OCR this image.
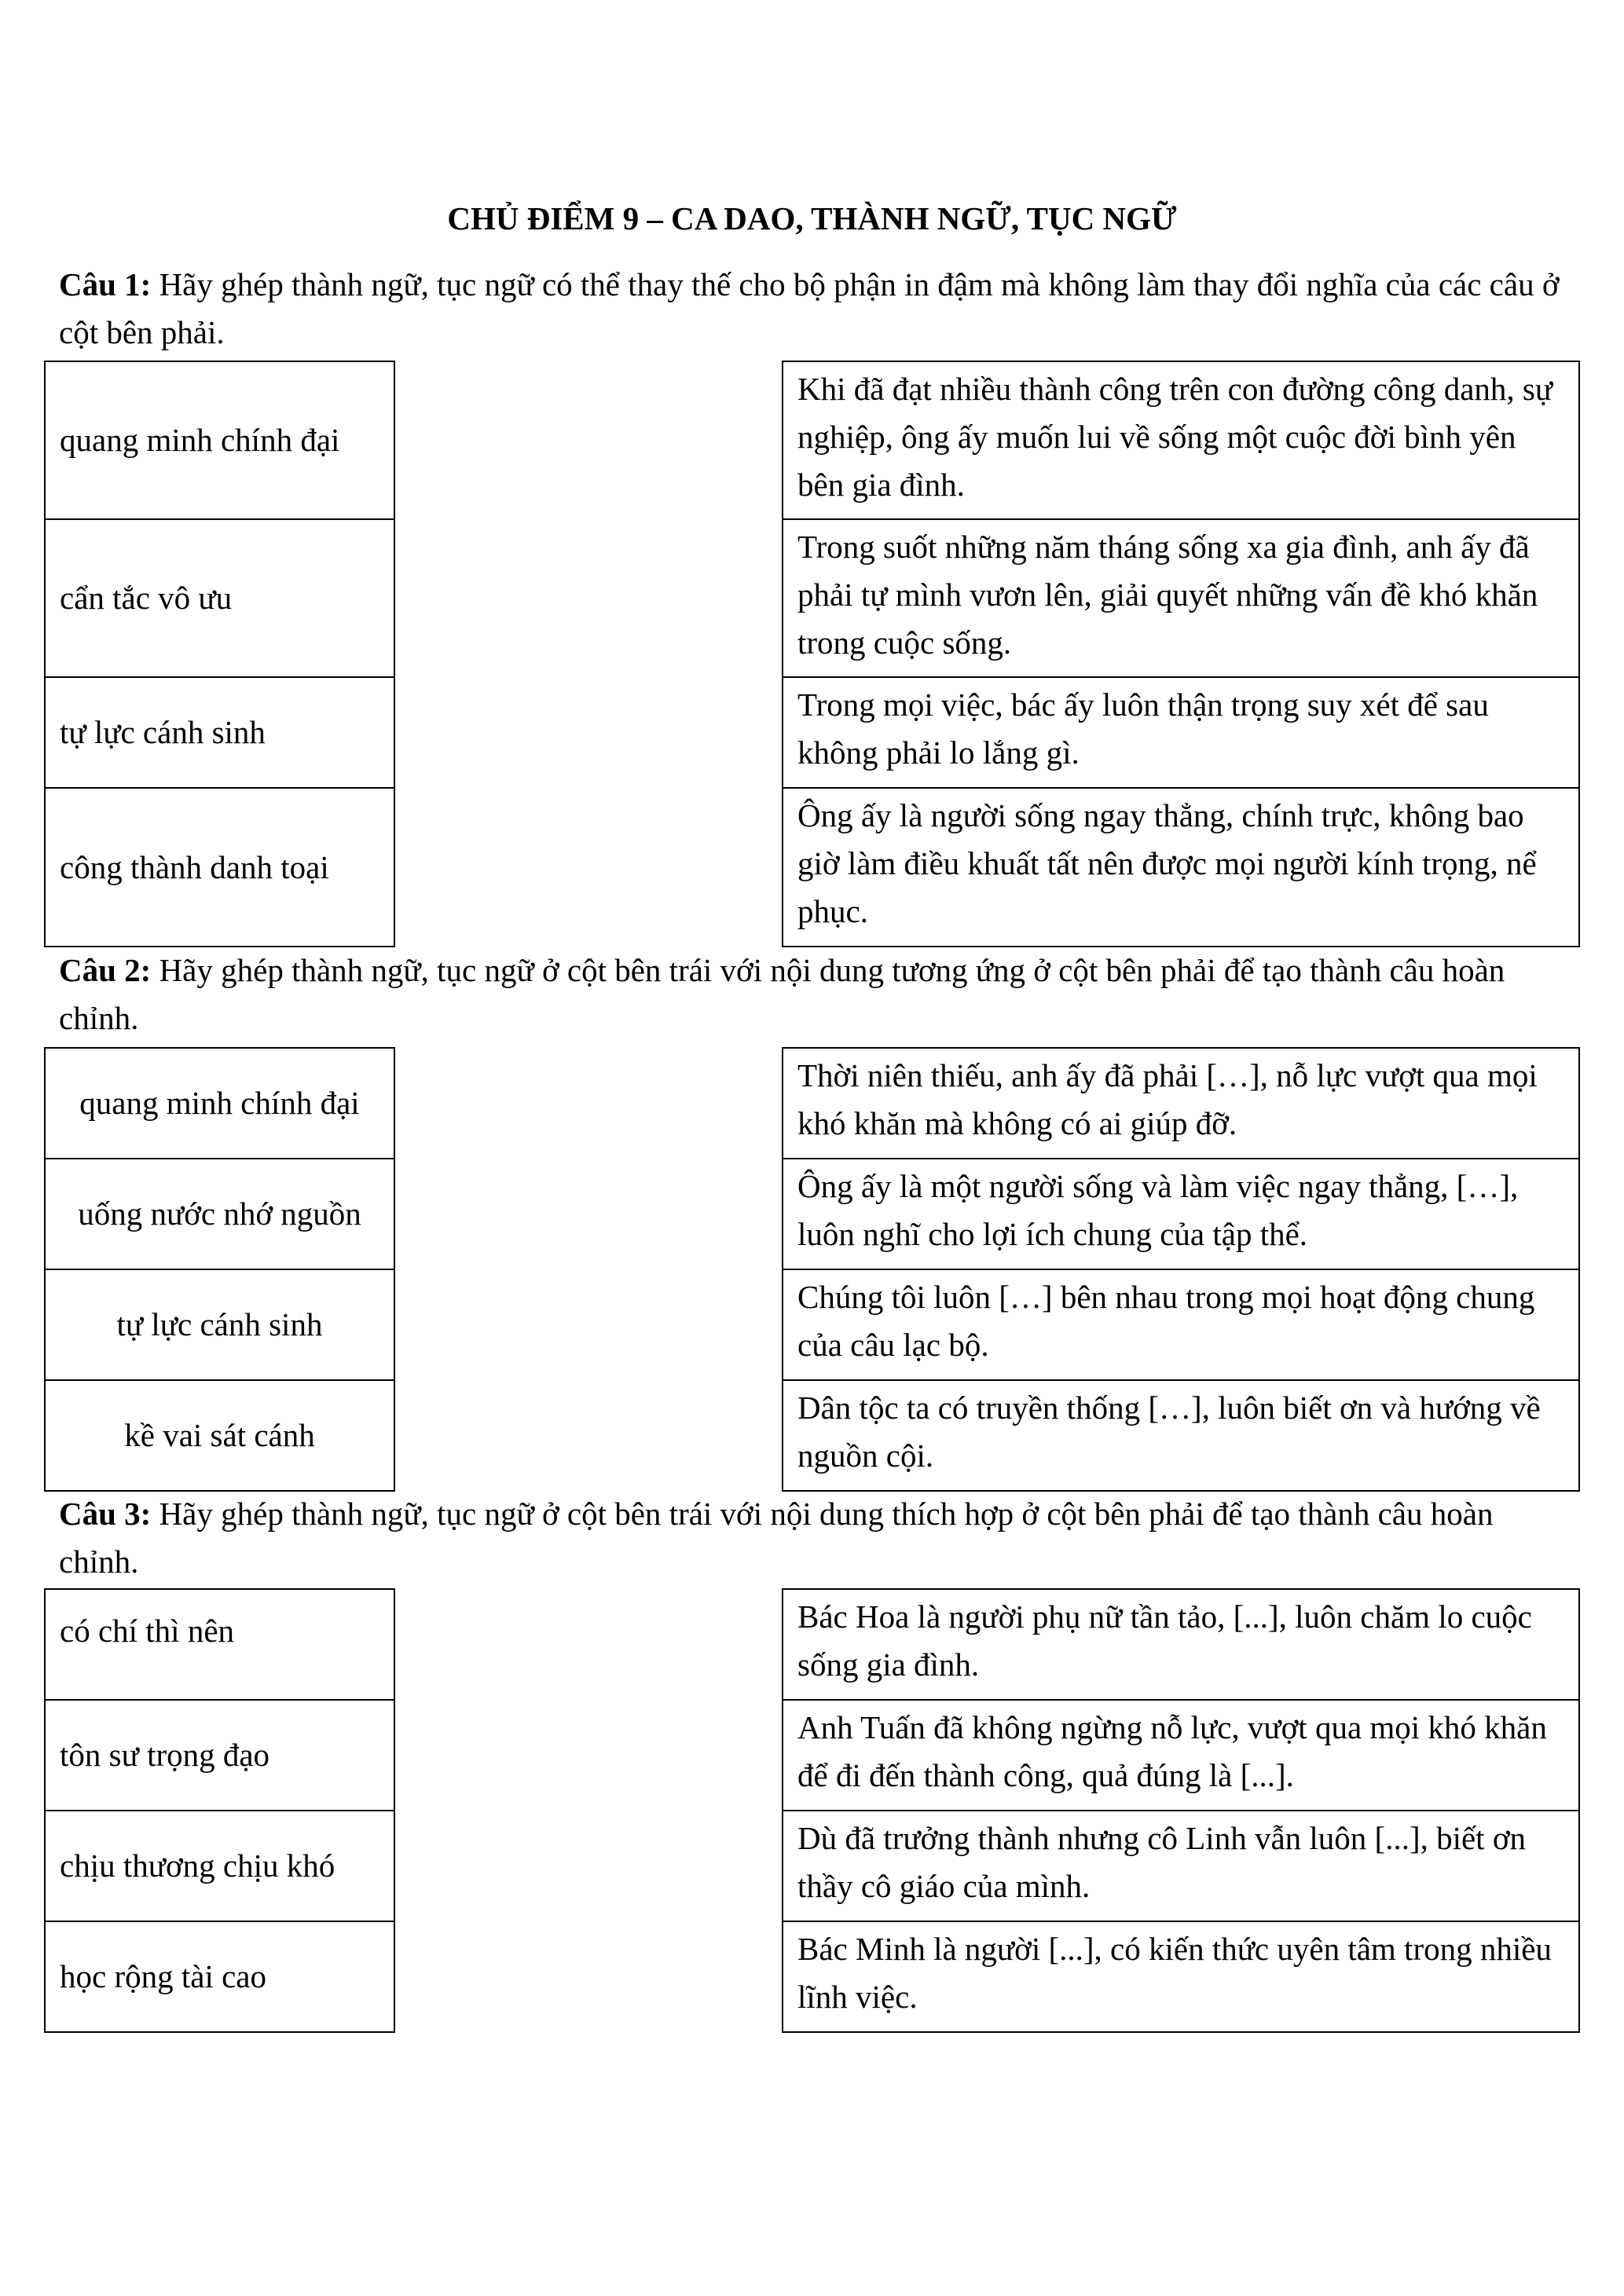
CHỦ ĐIỂM 9 – CA DAO, THÀNH NGỮ, TỤC NGỮ
Câu 1: Hãy ghép thành ngữ, tục ngữ có thể thay thế cho bộ phận in đậm mà không làm thay đổi nghĩa của các câu ở cột bên phải.
quang minh chính đại
cẩn tắc vô ưu
tự lực cánh sinh
công thành danh toại
Khi đã đạt nhiều thành công trên con đường công danh, sự nghiệp, ông ấy muốn lui về sống một cuộc đời bình yên bên gia đình.
Trong suốt những năm tháng sống xa gia đình, anh ấy đã phải tự mình vươn lên, giải quyết những vấn đề khó khăn trong cuộc sống.
Trong mọi việc, bác ấy luôn thận trọng suy xét để sau không phải lo lắng gì.
Ông ấy là người sống ngay thẳng, chính trực, không bao giờ làm điều khuất tất nên được mọi người kính trọng, nể phục.
Câu 2: Hãy ghép thành ngữ, tục ngữ ở cột bên trái với nội dung tương ứng ở cột bên phải để tạo thành câu hoàn chỉnh.
quang minh chính đại
uống nước nhớ nguồn
tự lực cánh sinh
kề vai sát cánh
Thời niên thiếu, anh ấy đã phải […], nỗ lực vượt qua mọi khó khăn mà không có ai giúp đỡ.
Ông ấy là một người sống và làm việc ngay thẳng, […], luôn nghĩ cho lợi ích chung của tập thể.
Chúng tôi luôn […] bên nhau trong mọi hoạt động chung của câu lạc bộ.
Dân tộc ta có truyền thống […], luôn biết ơn và hướng về nguồn cội.
Câu 3: Hãy ghép thành ngữ, tục ngữ ở cột bên trái với nội dung thích hợp ở cột bên phải để tạo thành câu hoàn chỉnh.
có chí thì nên
tôn sư trọng đạo
chịu thương chịu khó
học rộng tài cao
Bác Hoa là người phụ nữ tần tảo, [...], luôn chăm lo cuộc sống gia đình.
Anh Tuấn đã không ngừng nỗ lực, vượt qua mọi khó khăn để đi đến thành công, quả đúng là [...].
Dù đã trưởng thành nhưng cô Linh vẫn luôn [...], biết ơn thầy cô giáo của mình.
Bác Minh là người [...], có kiến thức uyên tâm trong nhiều lĩnh việc.
